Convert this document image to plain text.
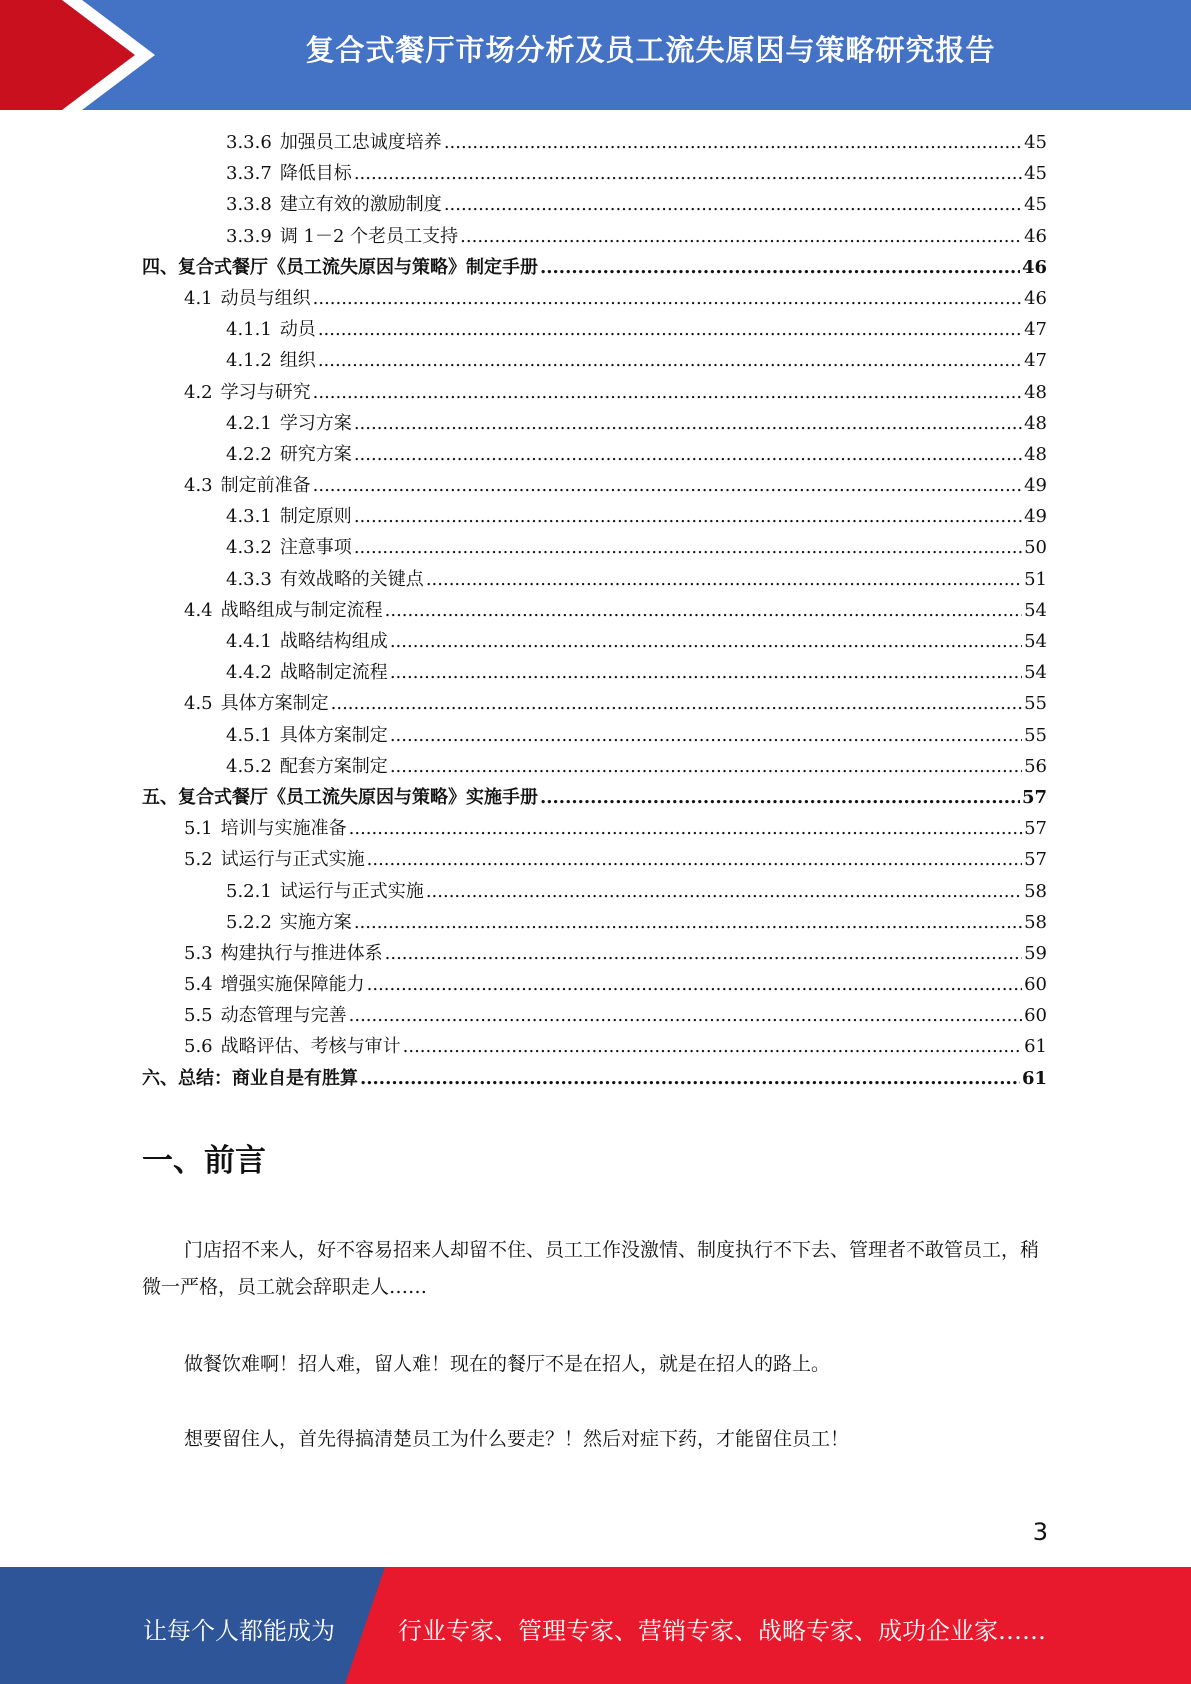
复合式餐厅市场分析及员工流失原因与策略研究报告
3.3.6 加强员工忠诚度培养 .....	45
3.3.7 降低目标 .....	45
3.3.8 建立有效的激励制度 .....	45
3.3.9 调 1－2 个老员工支持 .....	46
四、复合式餐厅《员工流失原因与策略》制定手册 .....	46
4.1 动员与组织 .....	46
4.1.1 动员 .....	47
4.1.2 组织 .....	47
4.2 学习与研究 .....	48
4.2.1 学习方案 .....	48
4.2.2 研究方案 .....	48
4.3 制定前准备 .....	49
4.3.1 制定原则 .....	49
4.3.2 注意事项 .....	50
4.3.3 有效战略的关键点 .....	51
4.4 战略组成与制定流程 .....	54
4.4.1 战略结构组成 .....	54
4.4.2 战略制定流程 .....	54
4.5 具体方案制定 .....	55
4.5.1 具体方案制定 .....	55
4.5.2 配套方案制定 .....	56
五、复合式餐厅《员工流失原因与策略》实施手册 .....	57
5.1 培训与实施准备 .....	57
5.2 试运行与正式实施 .....	57
5.2.1 试运行与正式实施 .....	58
5.2.2 实施方案 .....	58
5.3 构建执行与推进体系 .....	59
5.4 增强实施保障能力 .....	60
5.5 动态管理与完善 .....	60
5.6 战略评估、考核与审计 .....	61
六、总结：商业自是有胜算 .....	61
一、前言
门店招不来人，好不容易招来人却留不住、员工工作没激情、制度执行不下去、管理者不敢管员工，稍微一严格，员工就会辞职走人……
做餐饮难啊！招人难，留人难！现在的餐厅不是在招人，就是在招人的路上。
想要留住人，首先得搞清楚员工为什么要走？！然后对症下药，才能留住员工！
3
让每个人都能成为	行业专家、管理专家、营销专家、战略专家、成功企业家……
